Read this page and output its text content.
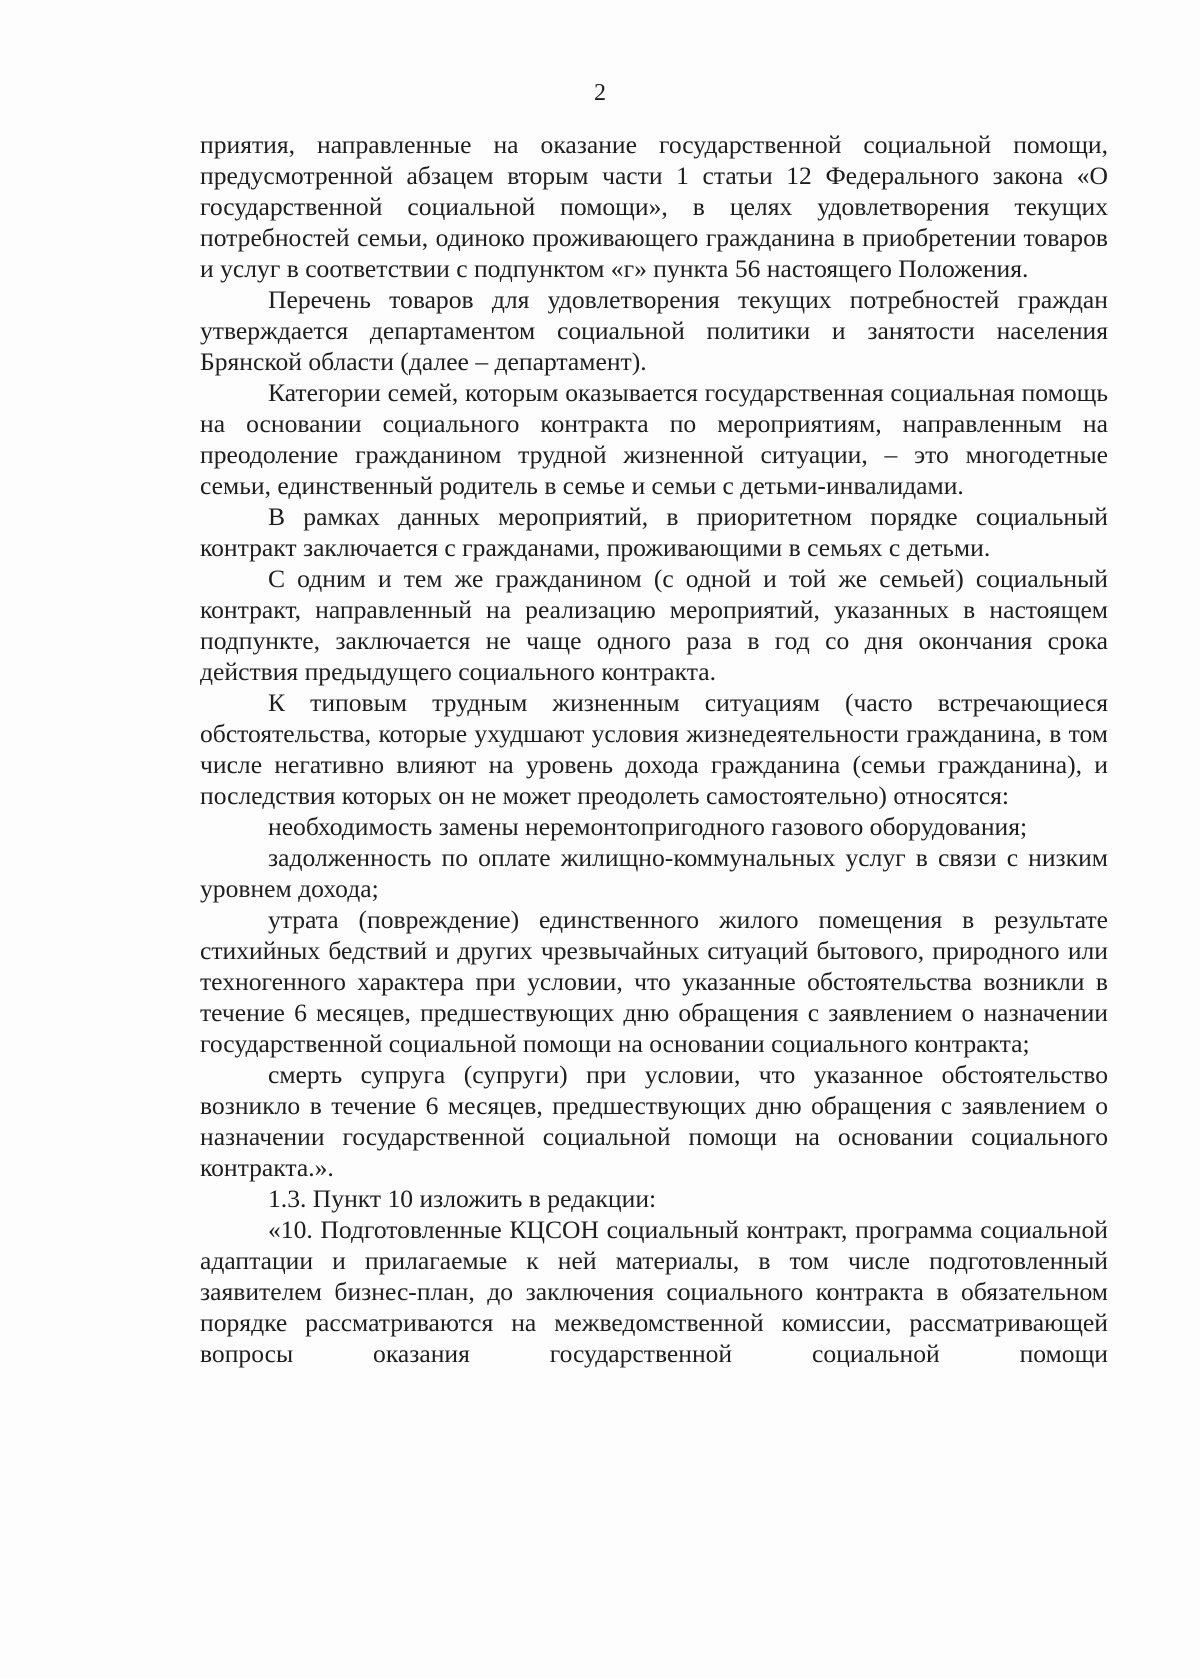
2

приятия, направленные на оказание государственной социальной помощи, предусмотренной абзацем вторым части 1 статьи 12 Федерального закона «О государственной социальной помощи», в целях удовлетворения текущих потребностей семьи, одиноко проживающего гражданина в приобретении товаров и услуг в соответствии с подпунктом «г» пункта 56 настоящего Положения.

Перечень товаров для удовлетворения текущих потребностей граждан утверждается департаментом социальной политики и занятости населения Брянской области (далее – департамент).

Категории семей, которым оказывается государственная социальная помощь на основании социального контракта по мероприятиям, направленным на преодоление гражданином трудной жизненной ситуации, – это многодетные семьи, единственный родитель в семье и семьи с детьми-инвалидами.

В рамках данных мероприятий, в приоритетном порядке социальный контракт заключается с гражданами, проживающими в семьях с детьми.

С одним и тем же гражданином (с одной и той же семьей) социальный контракт, направленный на реализацию мероприятий, указанных в настоящем подпункте, заключается не чаще одного раза в год со дня окончания срока действия предыдущего социального контракта.

К типовым трудным жизненным ситуациям (часто встречающиеся обстоятельства, которые ухудшают условия жизнедеятельности гражданина, в том числе негативно влияют на уровень дохода гражданина (семьи гражданина), и последствия которых он не может преодолеть самостоятельно) относятся:

необходимость замены неремонтопригодного газового оборудования;

задолженность по оплате жилищно-коммунальных услуг в связи с низким уровнем дохода;

утрата (повреждение) единственного жилого помещения в результате стихийных бедствий и других чрезвычайных ситуаций бытового, природного или техногенного характера при условии, что указанные обстоятельства возникли в течение 6 месяцев, предшествующих дню обращения с заявлением о назначении государственной социальной помощи на основании социального контракта;

смерть супруга (супруги) при условии, что указанное обстоятельство возникло в течение 6 месяцев, предшествующих дню обращения с заявлением о назначении государственной социальной помощи на основании социального контракта.».

1.3. Пункт 10 изложить в редакции:

«10. Подготовленные КЦСОН социальный контракт, программа социальной адаптации и прилагаемые к ней материалы, в том числе подготовленный заявителем бизнес-план, до заключения социального контракта в обязательном порядке рассматриваются на межведомственной комиссии, рассматривающей вопросы оказания государственной социальной помощи
